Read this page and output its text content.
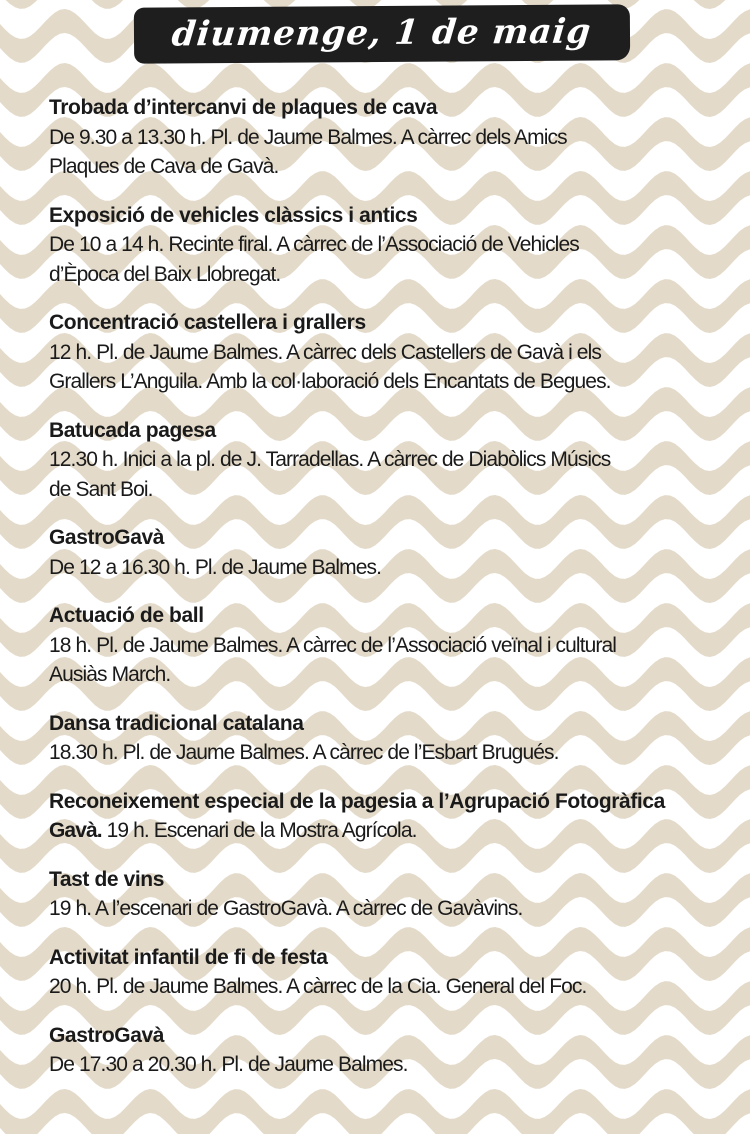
diumenge, 1 de maig

Trobada d’intercanvi de plaques de cava

De 9.30 a 13.30 h. Pl. de Jaume Balmes. A càrrec dels Amics

Plaques de Cava de Gavà.

Exposició de vehicles clàssics i antics

De 10 a 14 h. Recinte firal. A càrrec de l’Associació de Vehicles

d’Època del Baix Llobregat.

Concentració castellera i grallers

12 h. Pl. de Jaume Balmes. A càrrec dels Castellers de Gavà i els

Grallers L’Anguila. Amb la col·laboració dels Encantats de Begues.

Batucada pagesa

12.30 h. Inici a la pl. de J. Tarradellas. A càrrec de Diabòlics Músics

de Sant Boi.

GastroGavà

De 12 a 16.30 h. Pl. de Jaume Balmes.

Actuació de ball

18 h. Pl. de Jaume Balmes. A càrrec de l’Associació veïnal i cultural

Ausiàs March.

Dansa tradicional catalana

18.30 h. Pl. de Jaume Balmes. A càrrec de l’Esbart Brugués.

Reconeixement especial de la pagesia a l’Agrupació Fotogràfica

Gavà. 19 h. Escenari de la Mostra Agrícola.

Tast de vins

19 h. A l’escenari de GastroGavà. A càrrec de Gavàvins.

Activitat infantil de fi de festa

20 h. Pl. de Jaume Balmes. A càrrec de la Cia. General del Foc.

GastroGavà

De 17.30 a 20.30 h. Pl. de Jaume Balmes.
